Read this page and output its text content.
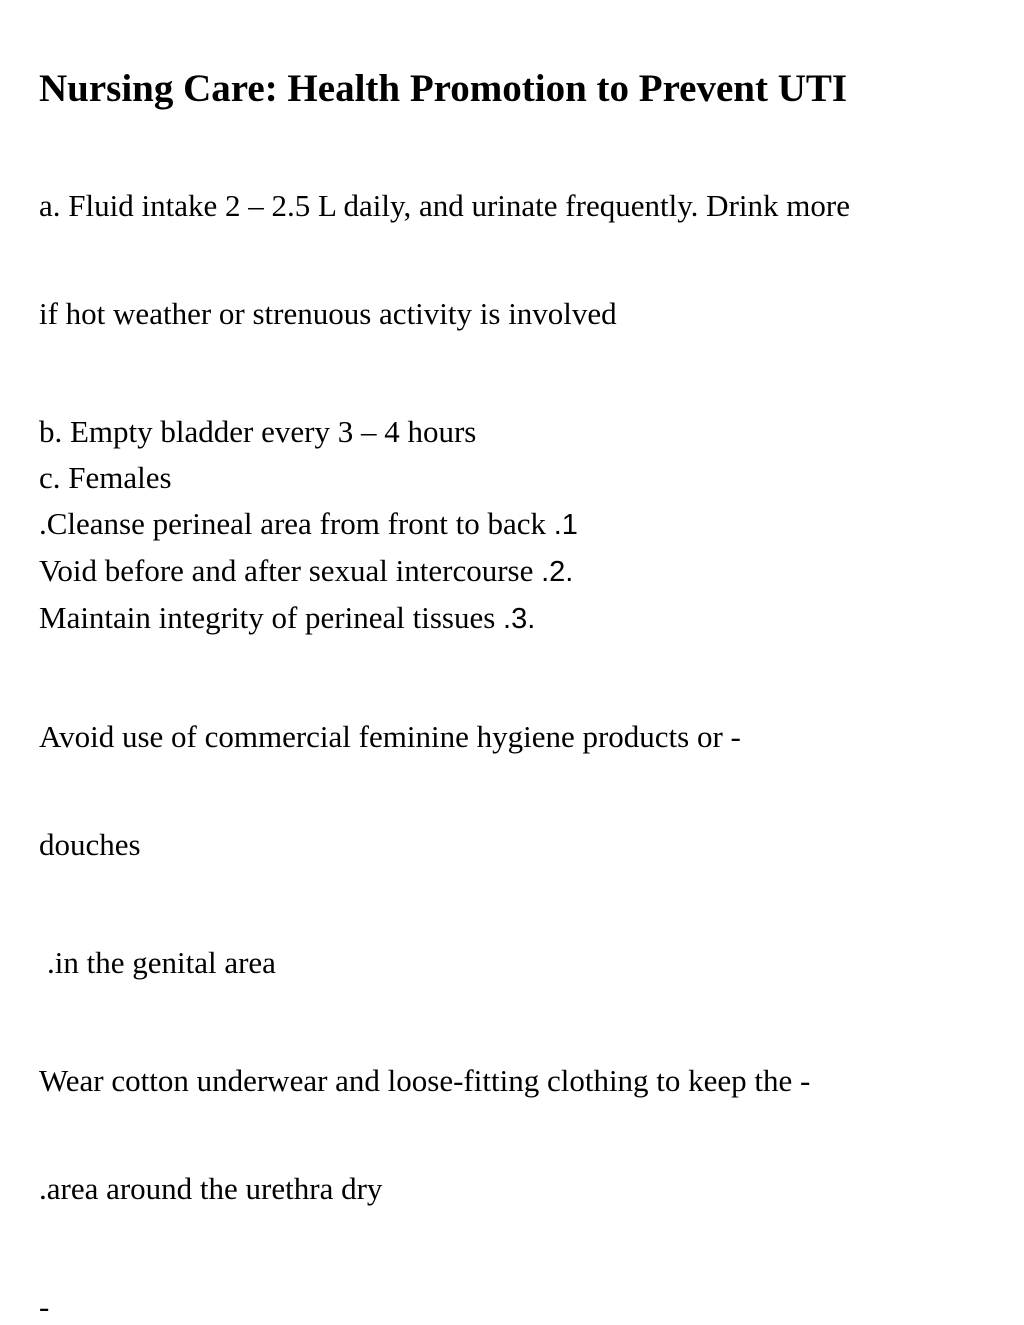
Nursing Care: Health Promotion to Prevent UTI

a. Fluid intake 2 – 2.5 L daily, and urinate frequently. Drink more

if hot weather or strenuous activity is involved

b. Empty bladder every 3 – 4 hours
c. Females
.Cleanse perineal area from front to back .1
Void before and after sexual intercourse .2.
Maintain integrity of perineal tissues .3.

Avoid use of commercial feminine hygiene products or -

douches

.in the genital area

Wear cotton underwear and loose-fitting clothing to keep the -

.area around the urethra dry

-
